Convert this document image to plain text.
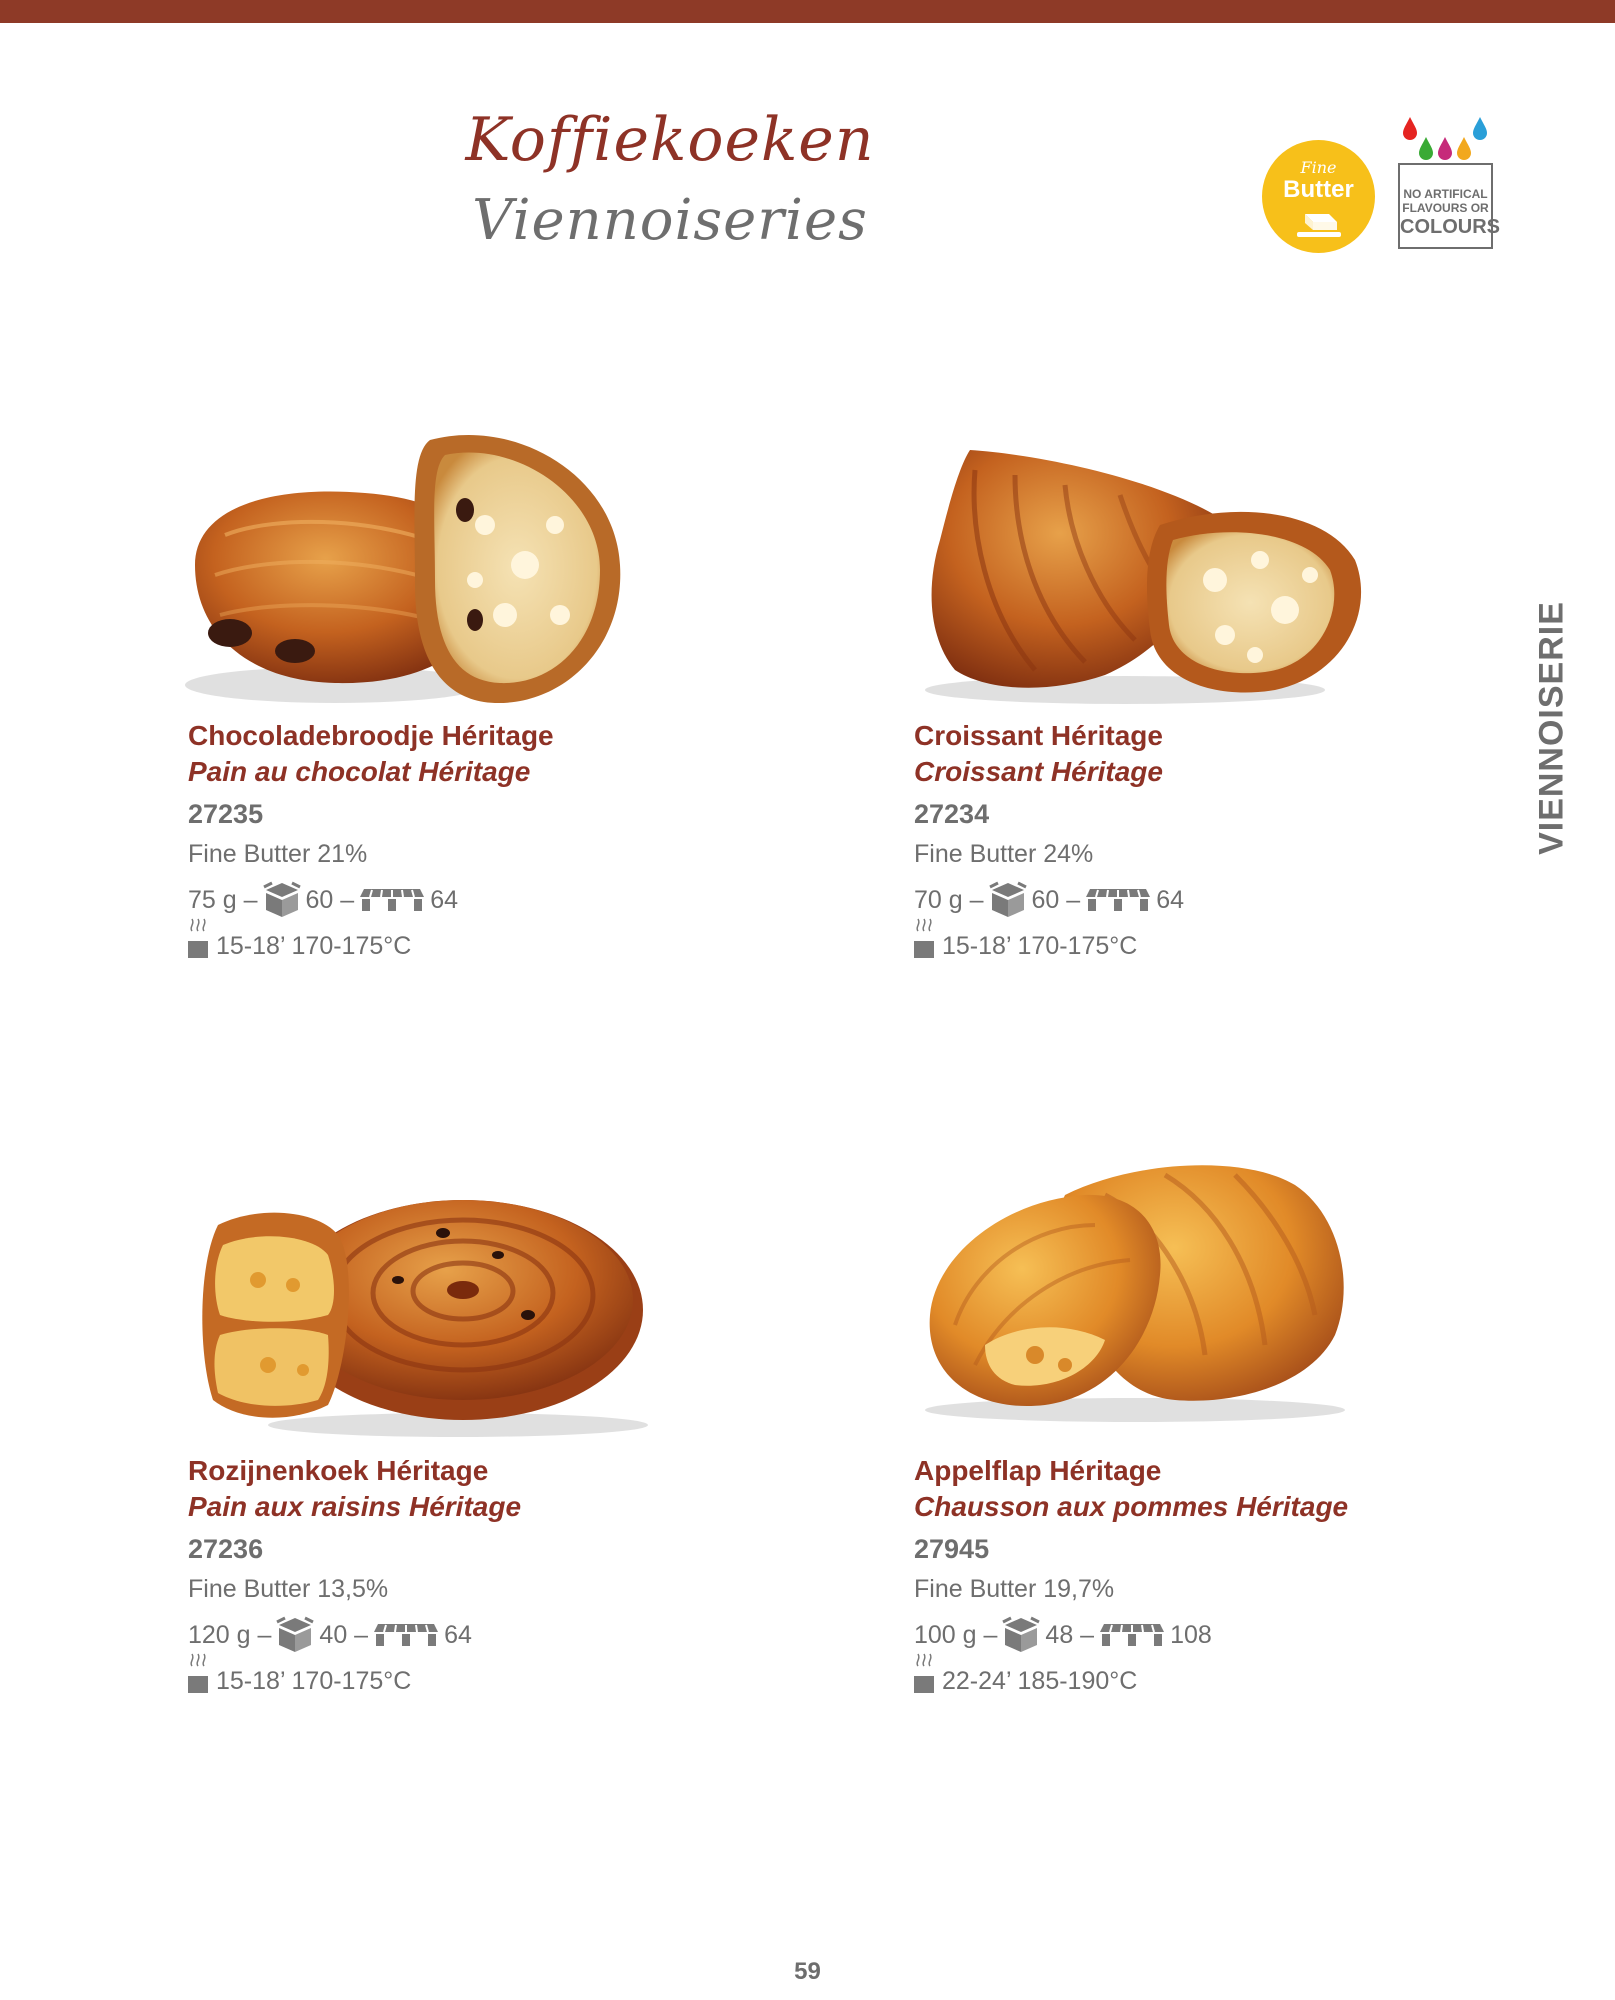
Koffiekoeken
Viennoiseries
Fine
Butter	NO ARTIFICAL
FLAVOURS OR
COLOURS
VIENNOISERIE
Chocoladebroodje Héritage
Pain au chocolat Héritage
27235
Fine Butter 21%
75 g – 60 –	64
15-18’ 170-175°C
Croissant Héritage
Croissant Héritage
27234
Fine Butter 24%
70 g – 60 –	64
15-18’ 170-175°C
Rozijnenkoek Héritage
Pain aux raisins Héritage
27236
Fine Butter 13,5%
120 g – 40 –	64
15-18’ 170-175°C
Appelflap Héritage
Chausson aux pommes Héritage
27945
Fine Butter 19,7%
100 g – 48 –	108
22-24’ 185-190°C
59
